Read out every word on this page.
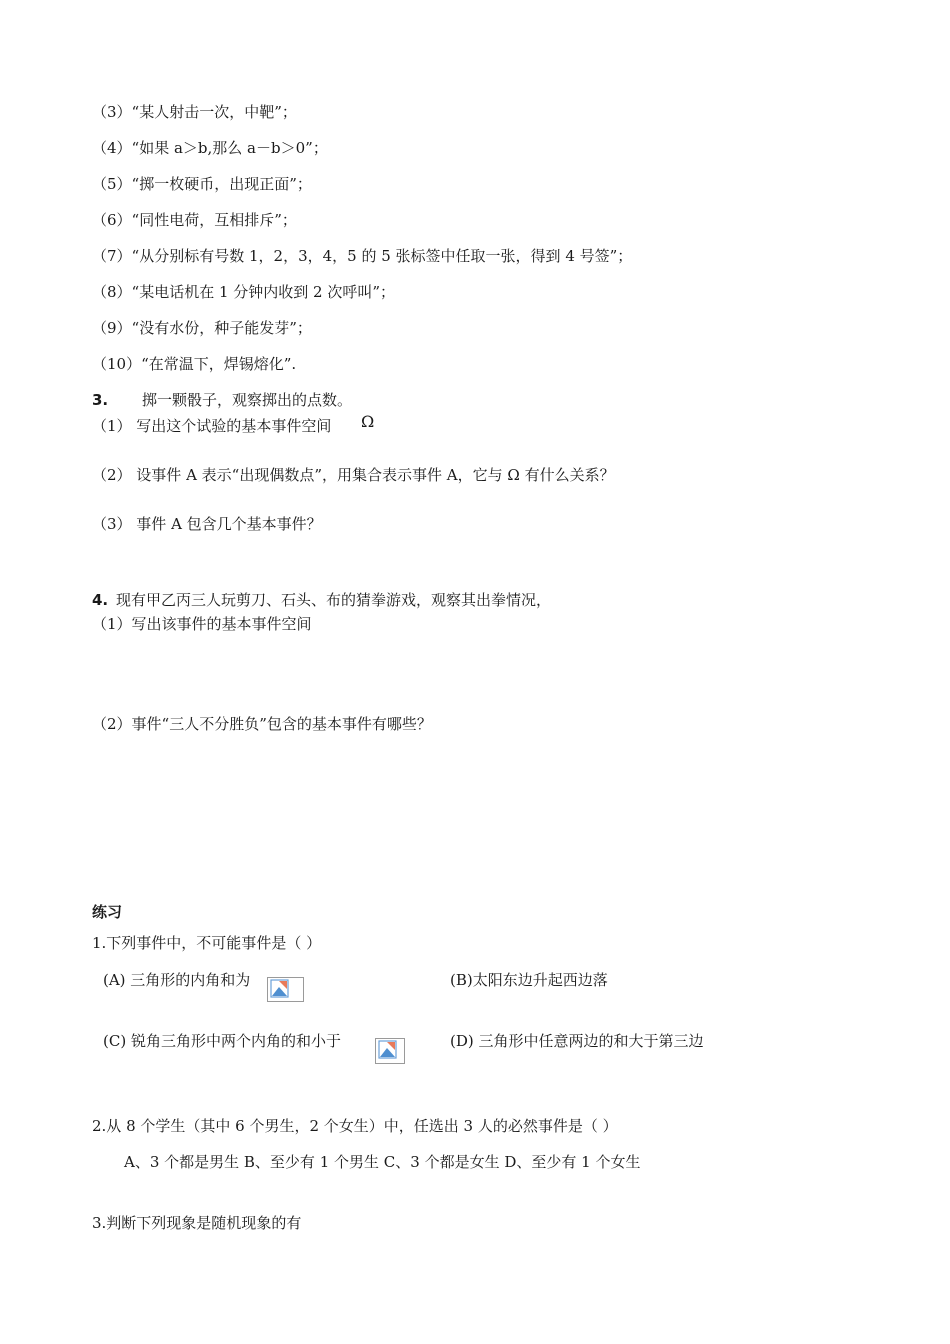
（3）“某人射击一次，中靶”；
（4）“如果 a＞b,那么 a－b＞0”；
（5）“掷一枚硬币，出现正面”；
（6）“同性电荷，互相排斥”；
（7）“从分别标有号数 1，2，3，4，5 的 5 张标签中任取一张，得到 4 号签”；
（8）“某电话机在 1 分钟内收到 2 次呼叫”；
（9）“没有水份，种子能发芽”；
（10）“在常温下，焊锡熔化”.
3. 掷一颗骰子，观察掷出的点数。
（1） 写出这个试验的基本事件空间 Ω
（2） 设事件 A 表示“出现偶数点”，用集合表示事件 A，它与 Ω 有什么关系？
（3） 事件 A 包含几个基本事件？
4. 现有甲乙丙三人玩剪刀、石头、布的猜拳游戏，观察其出拳情况，
（1）写出该事件的基本事件空间
（2）事件“三人不分胜负”包含的基本事件有哪些？
练习
1.下列事件中，不可能事件是（ ）
(A) 三角形的内角和为	(B)太阳东边升起西边落
(C) 锐角三角形中两个内角的和小于	(D) 三角形中任意两边的和大于第三边
2.从 8 个学生（其中 6 个男生，2 个女生）中，任选出 3 人的必然事件是（ ）
A、3 个都是男生 B、至少有 1 个男生 C、3 个都是女生 D、至少有 1 个女生
3.判断下列现象是随机现象的有
